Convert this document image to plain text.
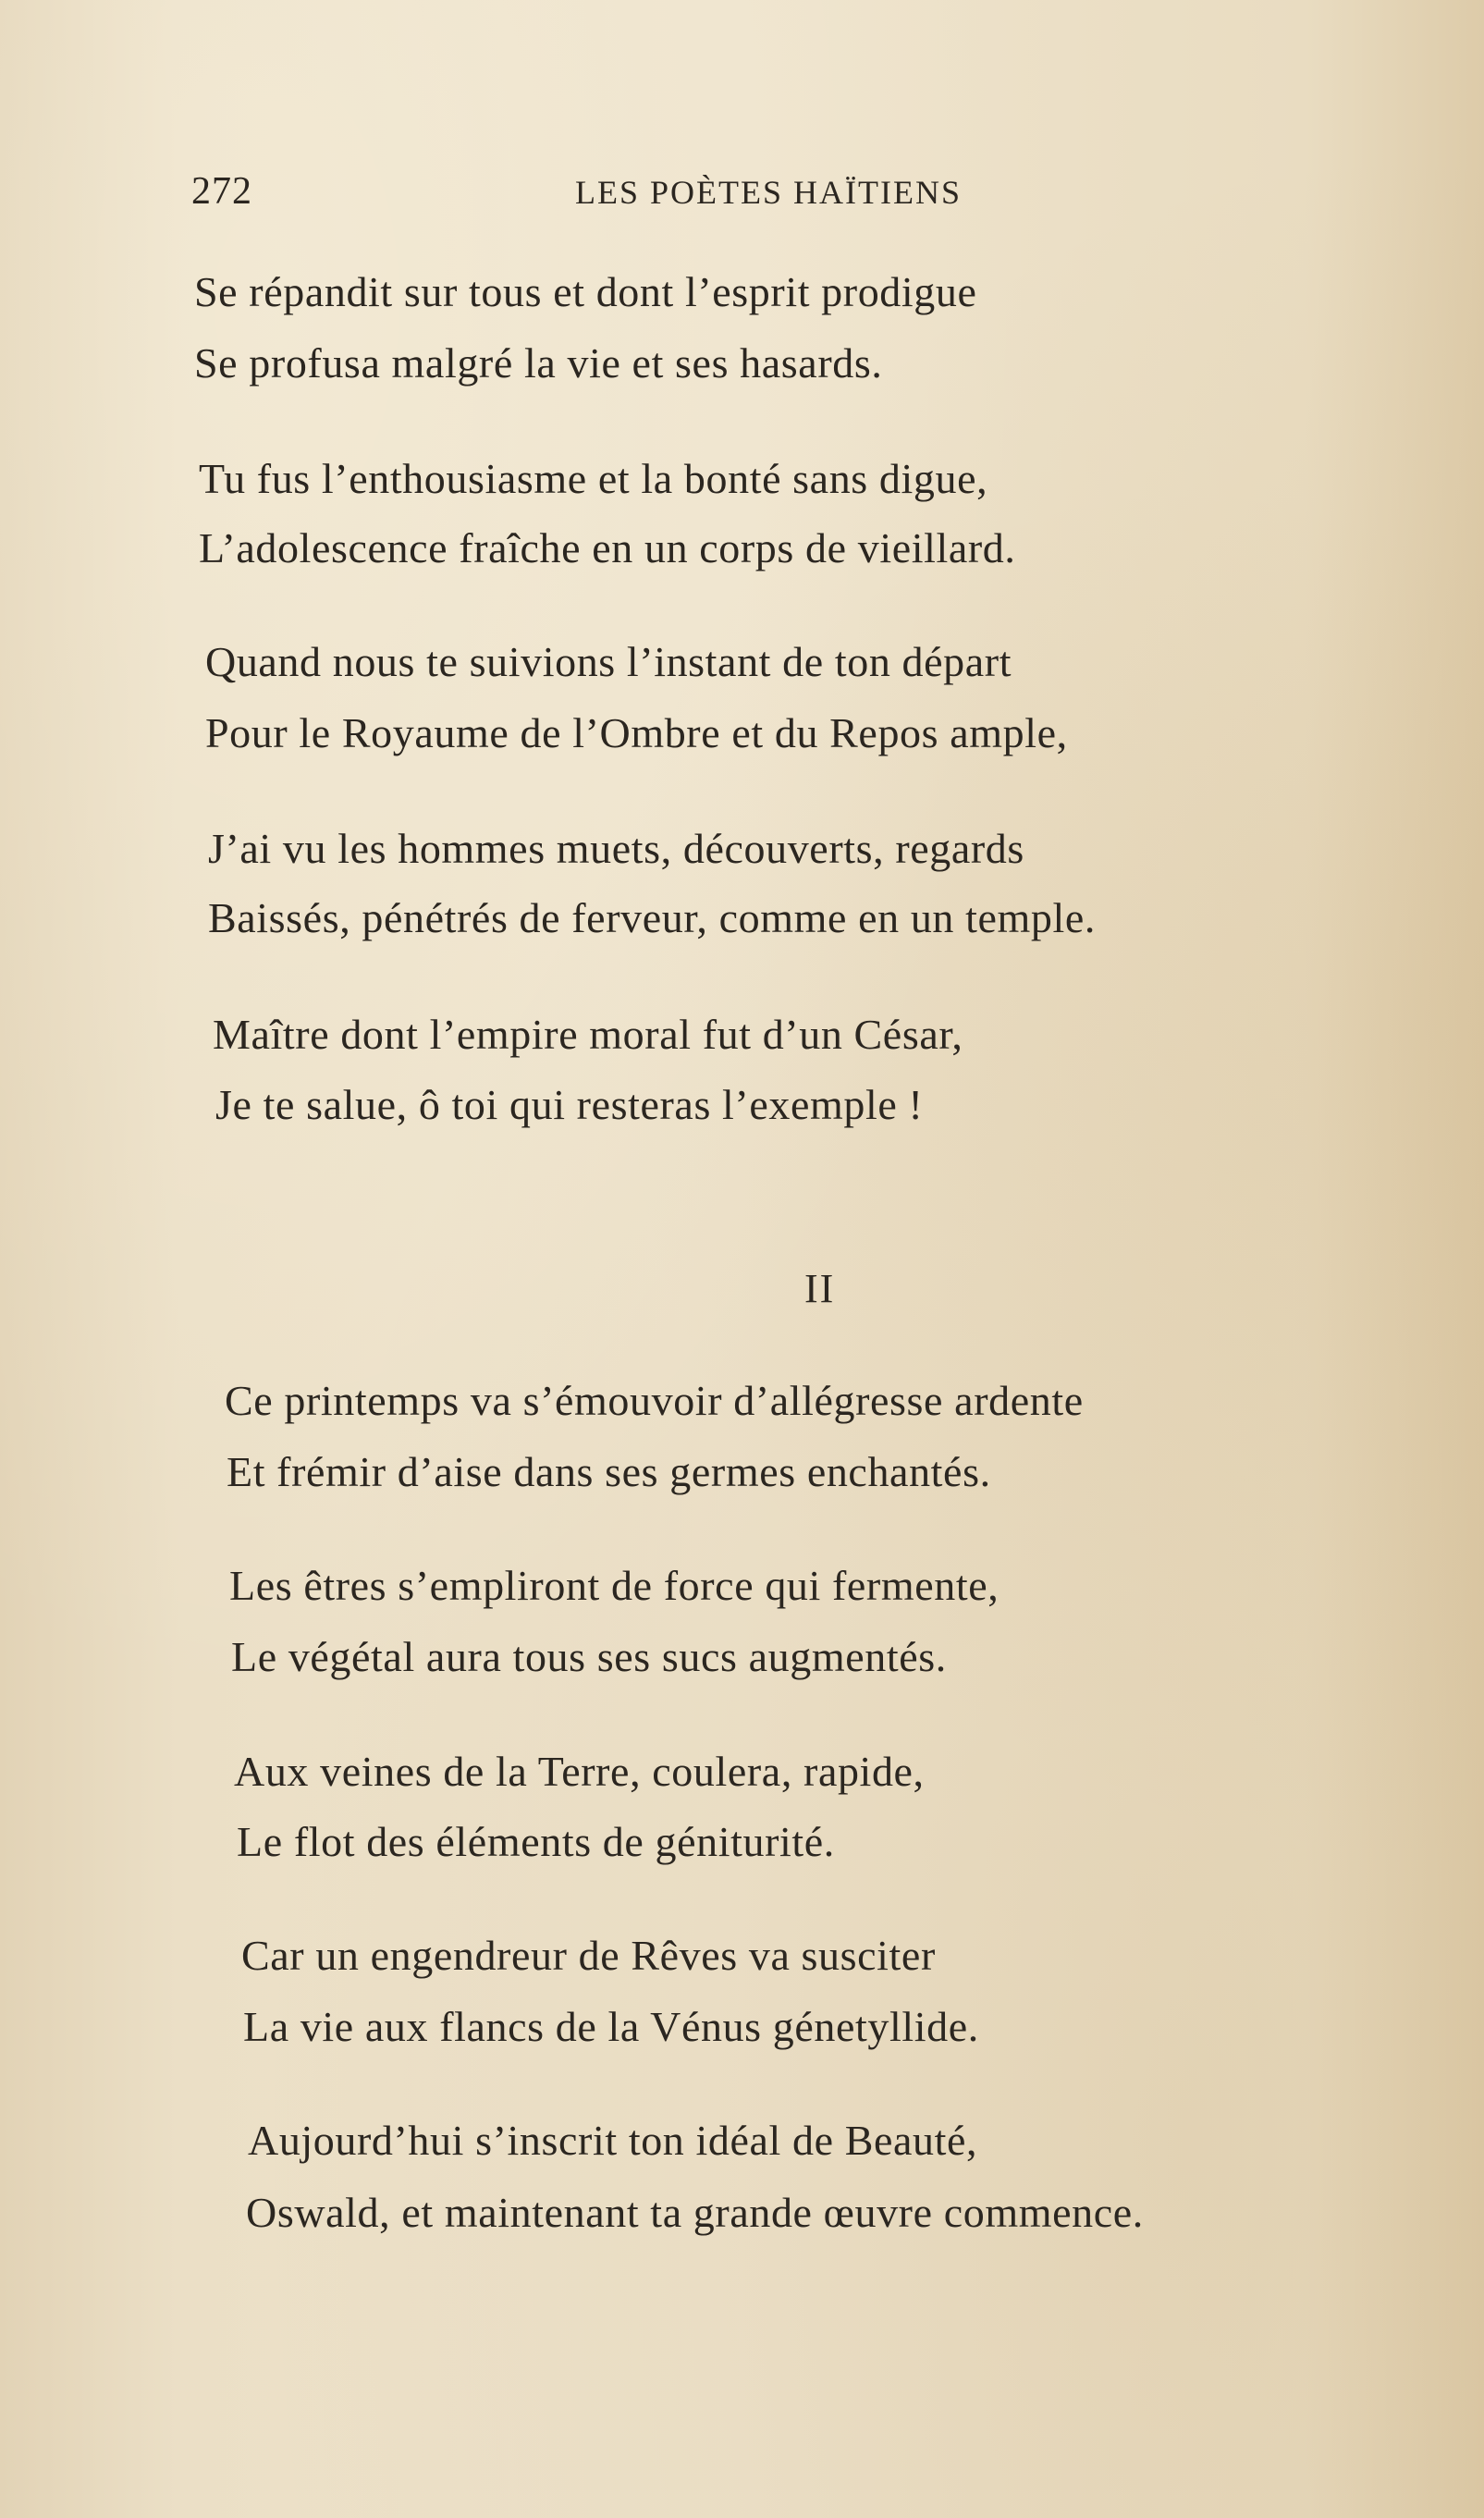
272	LES POÈTES HAÏTIENS
Se répandit sur tous et dont l’esprit prodigue
Se profusa malgré la vie et ses hasards.
Tu fus l’enthousiasme et la bonté sans digue,
L’adolescence fraîche en un corps de vieillard.
Quand nous te suivions l’instant de ton départ
Pour le Royaume de l’Ombre et du Repos ample,
J’ai vu les hommes muets, découverts, regards
Baissés, pénétrés de ferveur, comme en un temple.
Maître dont l’empire moral fut d’un César,
Je te salue, ô toi qui resteras l’exemple !
II
Ce printemps va s’émouvoir d’allégresse ardente
Et frémir d’aise dans ses germes enchantés.
Les êtres s’empliront de force qui fermente,
Le végétal aura tous ses sucs augmentés.
Aux veines de la Terre, coulera, rapide,
Le flot des éléments de géniturité.
Car un engendreur de Rêves va susciter
La vie aux flancs de la Vénus génetyllide.
Aujourd’hui s’inscrit ton idéal de Beauté,
Oswald, et maintenant ta grande œuvre commence.
